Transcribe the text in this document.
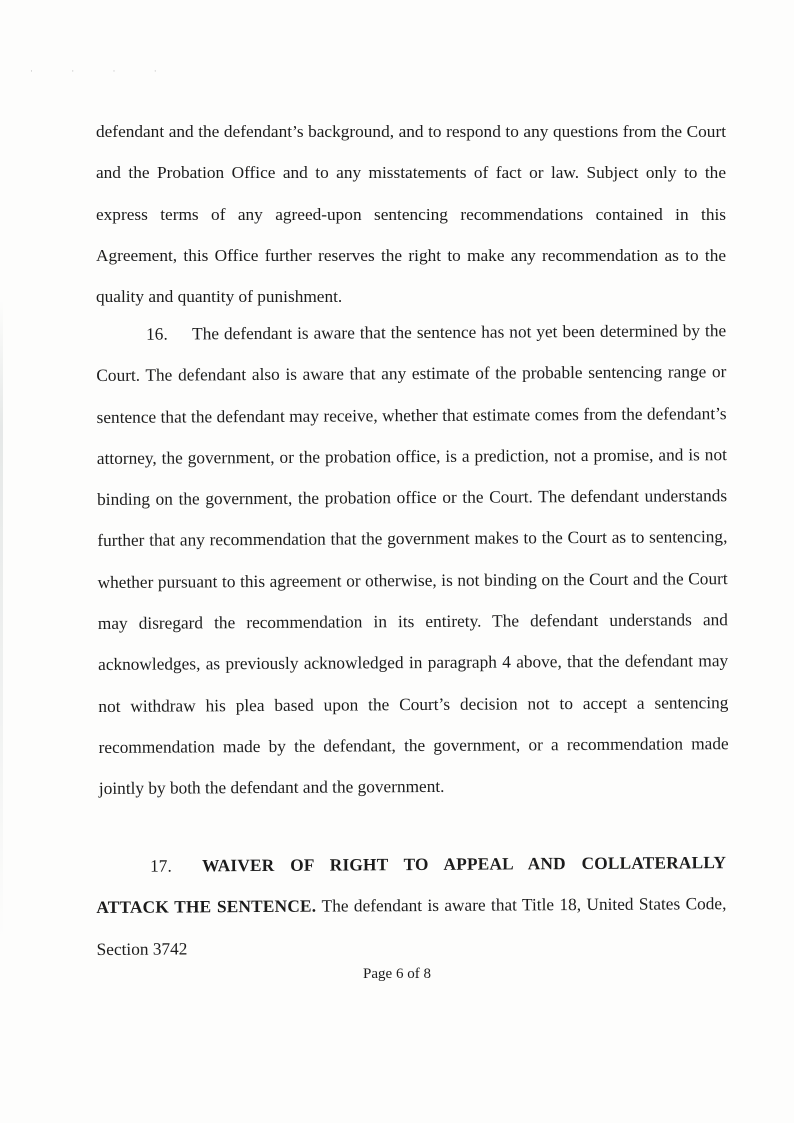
· · · ·

defendant and the defendant’s background, and to respond to any questions from the Court and the Probation Office and to any misstatements of fact or law. Subject only to the express terms of any agreed-upon sentencing recommendations contained in this Agreement, this Office further reserves the right to make any recommendation as to the quality and quantity of punishment.

16. The defendant is aware that the sentence has not yet been determined by the Court. The defendant also is aware that any estimate of the probable sentencing range or sentence that the defendant may receive, whether that estimate comes from the defendant’s attorney, the government, or the probation office, is a prediction, not a promise, and is not binding on the government, the probation office or the Court. The defendant understands further that any recommendation that the government makes to the Court as to sentencing, whether pursuant to this agreement or otherwise, is not binding on the Court and the Court may disregard the recommendation in its entirety. The defendant understands and acknowledges, as previously acknowledged in paragraph 4 above, that the defendant may not withdraw his plea based upon the Court’s decision not to accept a sentencing recommendation made by the defendant, the government, or a recommendation made jointly by both the defendant and the government.

17. WAIVER OF RIGHT TO APPEAL AND COLLATERALLY ATTACK THE SENTENCE. The defendant is aware that Title 18, United States Code, Section 3742

Page 6 of 8
